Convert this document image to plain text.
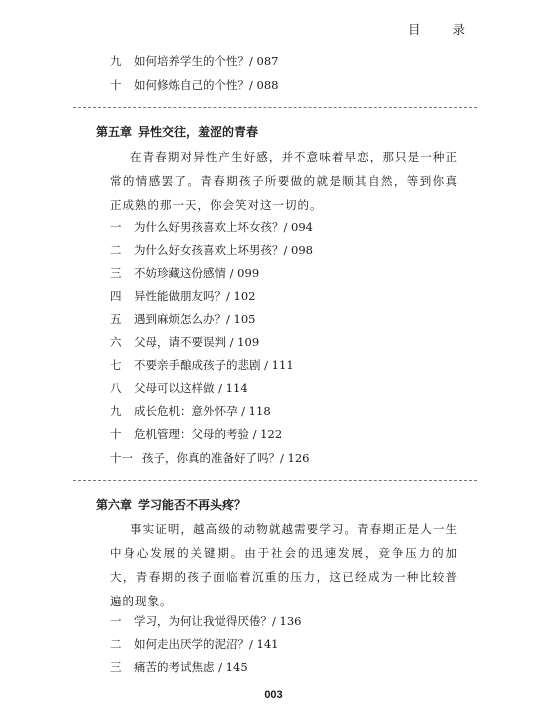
目 录
九 如何培养学生的个性？/ 087
十 如何修炼自己的个性？/ 088
第五章 异性交往，羞涩的青春
在青春期对异性产生好感，并不意味着早恋，那只是一种正常的情感罢了。青春期孩子所要做的就是顺其自然，等到你真正成熟的那一天，你会笑对这一切的。
一 为什么好男孩喜欢上坏女孩？/ 094
二 为什么好女孩喜欢上坏男孩？/ 098
三 不妨珍藏这份感情 / 099
四 异性能做朋友吗？/ 102
五 遇到麻烦怎么办？/ 105
六 父母，请不要误判 / 109
七 不要亲手酿成孩子的悲剧 / 111
八 父母可以这样做 / 114
九 成长危机：意外怀孕 / 118
十 危机管理：父母的考验 / 122
十一 孩子，你真的准备好了吗？/ 126
第六章 学习能否不再头疼？
事实证明，越高级的动物就越需要学习。青春期正是人一生中身心发展的关键期。由于社会的迅速发展，竞争压力的加大，青春期的孩子面临着沉重的压力，这已经成为一种比较普遍的现象。
一 学习，为何让我觉得厌倦？/ 136
二 如何走出厌学的泥沼？/ 141
三 痛苦的考试焦虑 / 145
003
